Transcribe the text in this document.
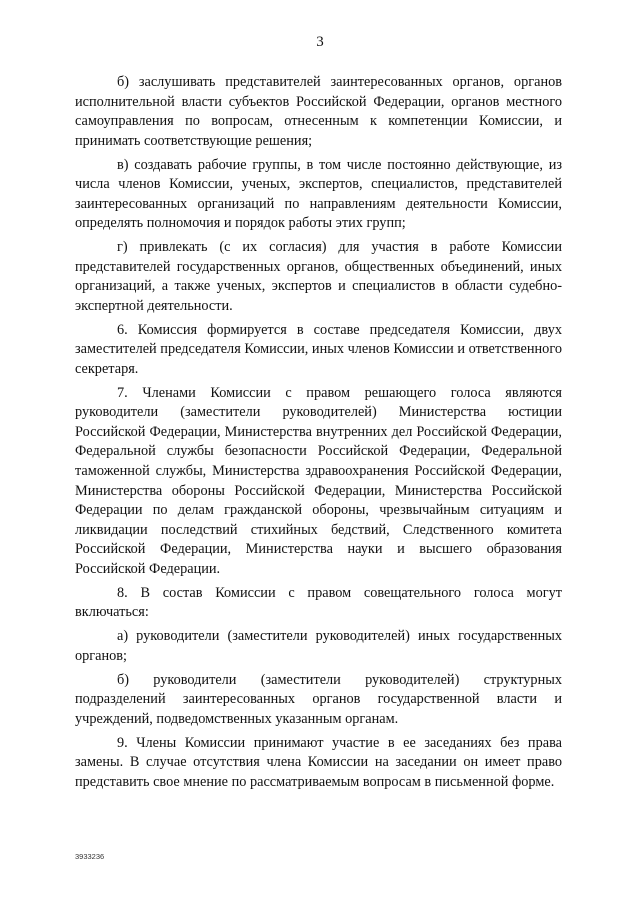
3

б) заслушивать представителей заинтересованных органов, органов исполнительной власти субъектов Российской Федерации, органов местного самоуправления по вопросам, отнесенным к компетенции Комиссии, и принимать соответствующие решения;

в) создавать рабочие группы, в том числе постоянно действующие, из числа членов Комиссии, ученых, экспертов, специалистов, представителей заинтересованных организаций по направлениям деятельности Комиссии, определять полномочия и порядок работы этих групп;

г) привлекать (с их согласия) для участия в работе Комиссии представителей государственных органов, общественных объединений, иных организаций, а также ученых, экспертов и специалистов в области судебно-экспертной деятельности.

6. Комиссия формируется в составе председателя Комиссии, двух заместителей председателя Комиссии, иных членов Комиссии и ответственного секретаря.

7. Членами Комиссии с правом решающего голоса являются руководители (заместители руководителей) Министерства юстиции Российской Федерации, Министерства внутренних дел Российской Федерации, Федеральной службы безопасности Российской Федерации, Федеральной таможенной службы, Министерства здравоохранения Российской Федерации, Министерства обороны Российской Федерации, Министерства Российской Федерации по делам гражданской обороны, чрезвычайным ситуациям и ликвидации последствий стихийных бедствий, Следственного комитета Российской Федерации, Министерства науки и высшего образования Российской Федерации.

8. В состав Комиссии с правом совещательного голоса могут включаться:

а) руководители (заместители руководителей) иных государственных органов;

б) руководители (заместители руководителей) структурных подразделений заинтересованных органов государственной власти и учреждений, подведомственных указанным органам.

9. Члены Комиссии принимают участие в ее заседаниях без права замены. В случае отсутствия члена Комиссии на заседании он имеет право представить свое мнение по рассматриваемым вопросам в письменной форме.

3933236
